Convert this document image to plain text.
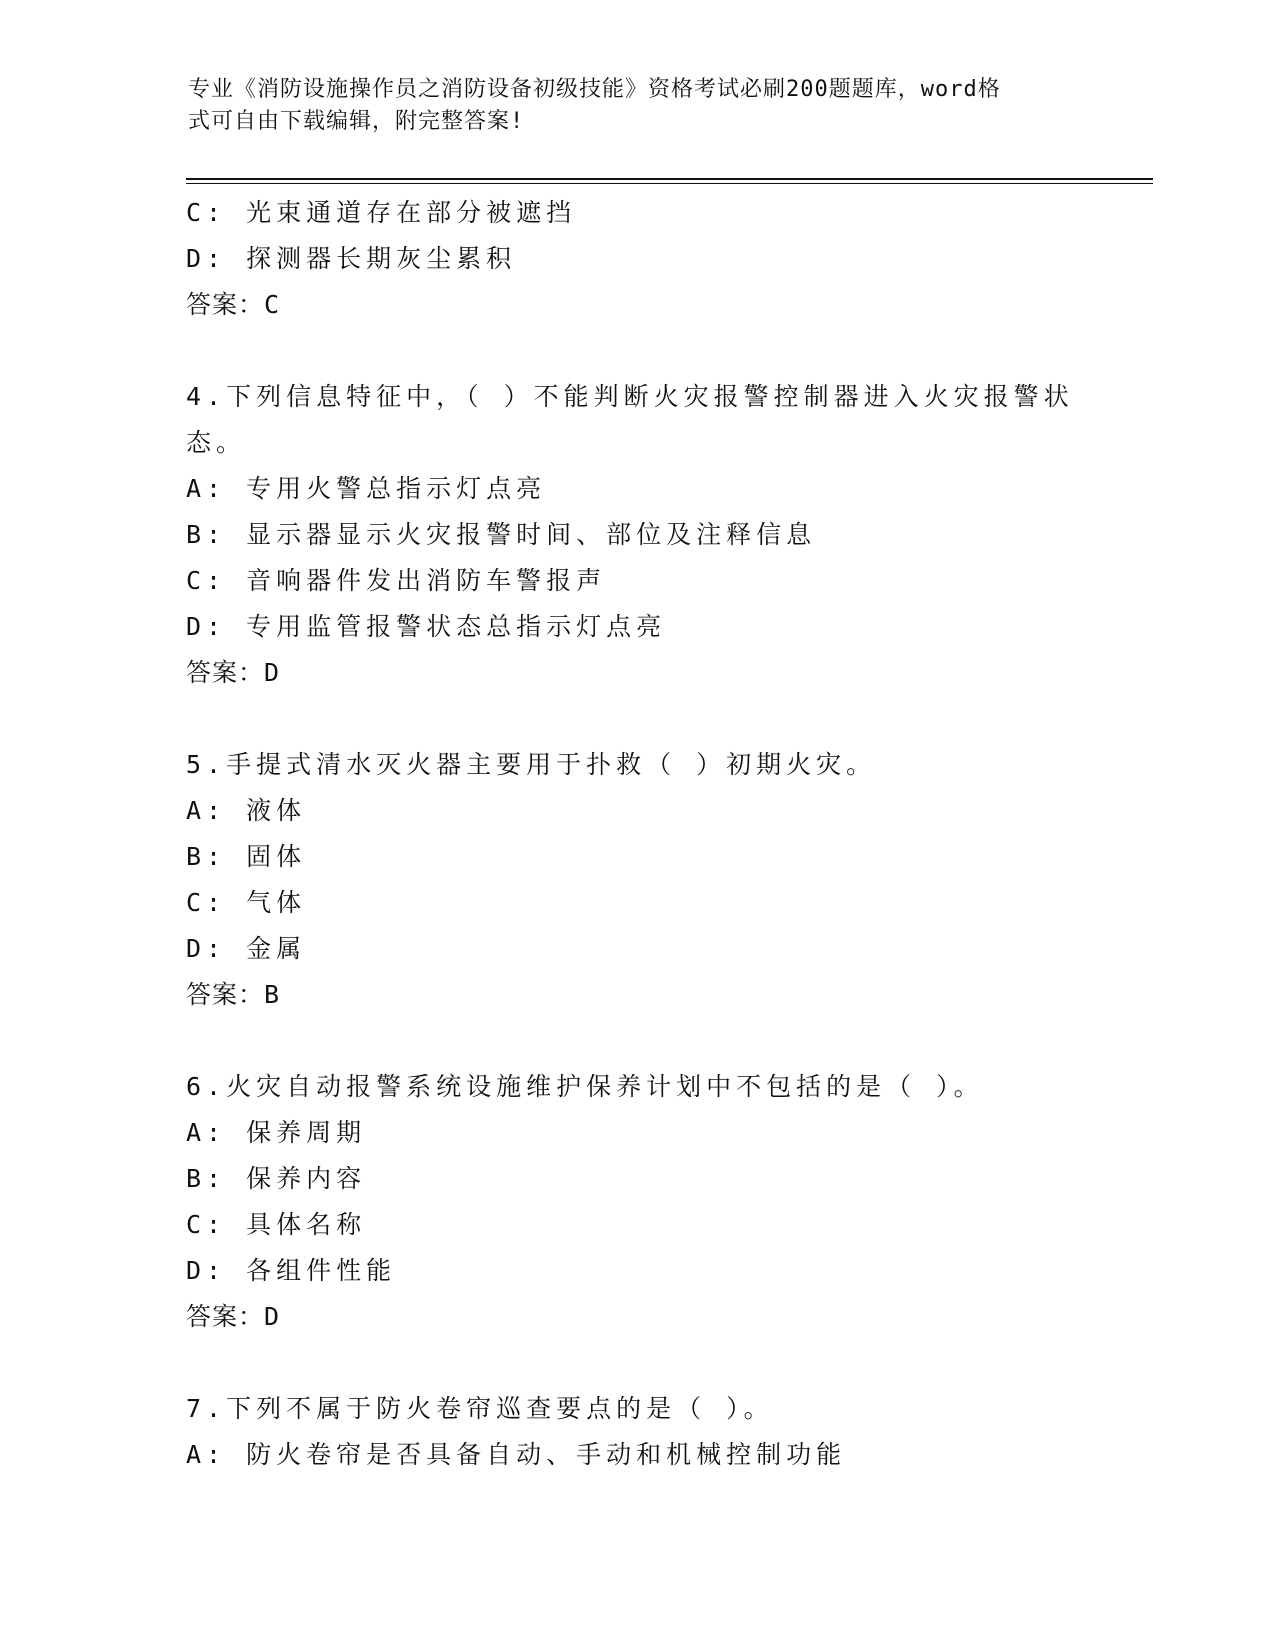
专业《消防设施操作员之消防设备初级技能》资格考试必刷200题题库，word格
式可自由下载编辑，附完整答案!
C: 光束通道存在部分被遮挡
D: 探测器长期灰尘累积
答案：C
4.下列信息特征中，（ ）不能判断火灾报警控制器进入火灾报警状
态。
A: 专用火警总指示灯点亮
B: 显示器显示火灾报警时间、部位及注释信息
C: 音响器件发出消防车警报声
D: 专用监管报警状态总指示灯点亮
答案：D
5.手提式清水灭火器主要用于扑救（ ）初期火灾。
A: 液体
B: 固体
C: 气体
D: 金属
答案：B
6.火灾自动报警系统设施维护保养计划中不包括的是（ ）。
A: 保养周期
B: 保养内容
C: 具体名称
D: 各组件性能
答案：D
7.下列不属于防火卷帘巡查要点的是（ ）。
A: 防火卷帘是否具备自动、手动和机械控制功能
